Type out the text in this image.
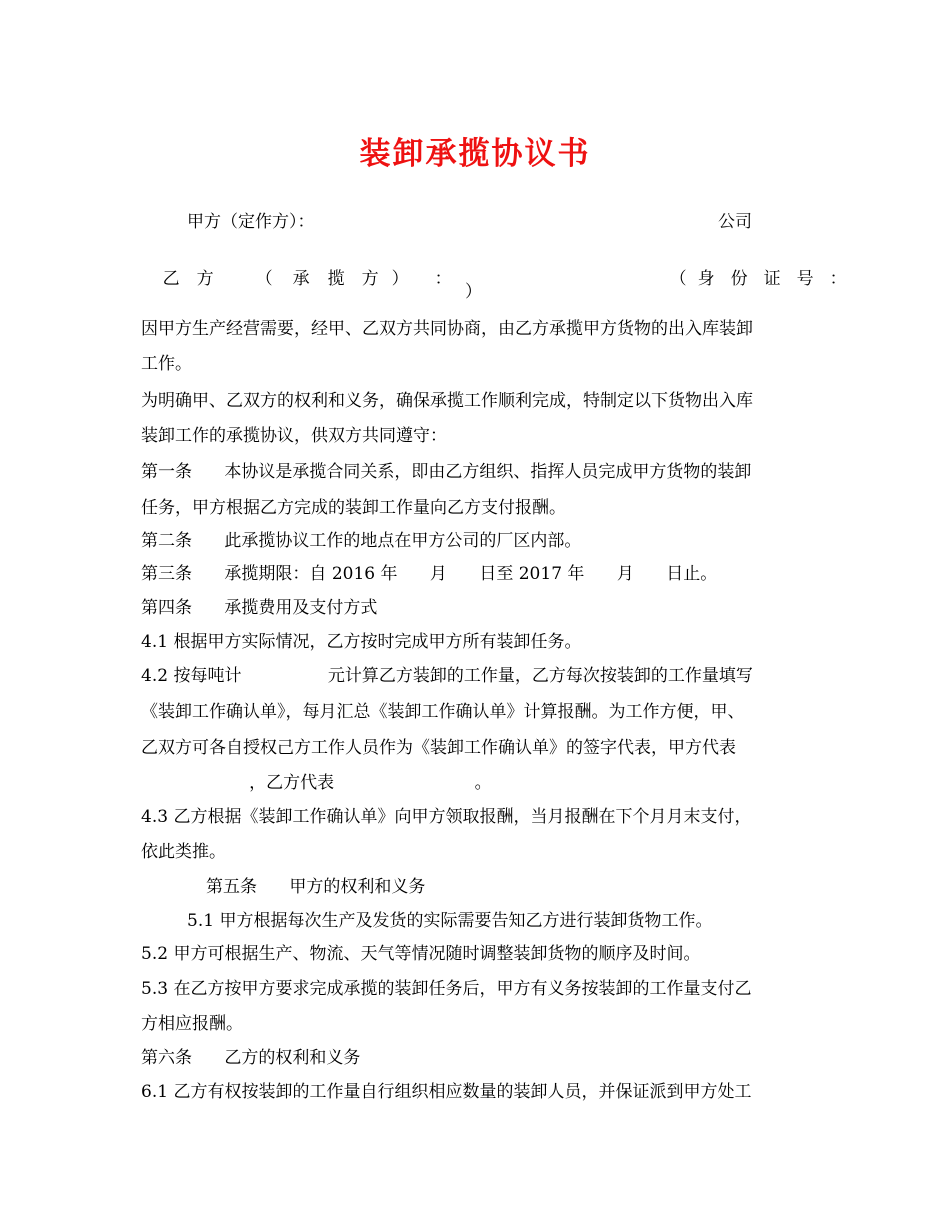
装卸承揽协议书
甲方（定作方）：	公司

乙 方 （ 承 揽 方 ） ：
	（ 身 份 证 号 ：

）
因甲方生产经营需要，经甲、乙双方共同协商，由乙方承揽甲方货物的出入库装卸
工作。
为明确甲、乙双方的权利和义务，确保承揽工作顺利完成，特制定以下货物出入库
装卸工作的承揽协议，供双方共同遵守：
第一条      本协议是承揽合同关系，即由乙方组织、指挥人员完成甲方货物的装卸
任务，甲方根据乙方完成的装卸工作量向乙方支付报酬。
第二条      此承揽协议工作的地点在甲方公司的厂区内部。
第三条      承揽期限：自 2016 年      月      日至 2017 年      月      日止。
第四条      承揽费用及支付方式
4.1 根据甲方实际情况，乙方按时完成甲方所有装卸任务。
4.2 按每吨计                元计算乙方装卸的工作量，乙方每次按装卸的工作量填写
《装卸工作确认单》，每月汇总《装卸工作确认单》计算报酬。为工作方便，甲、
乙双方可各自授权己方工作人员作为《装卸工作确认单》的签字代表，甲方代表
，乙方代表                          。
4.3 乙方根据《装卸工作确认单》向甲方领取报酬，当月报酬在下个月月末支付，
依此类推。
第五条      甲方的权利和义务
5.1 甲方根据每次生产及发货的实际需要告知乙方进行装卸货物工作。
5.2 甲方可根据生产、物流、天气等情况随时调整装卸货物的顺序及时间。
5.3 在乙方按甲方要求完成承揽的装卸任务后，甲方有义务按装卸的工作量支付乙
方相应报酬。
第六条      乙方的权利和义务
6.1 乙方有权按装卸的工作量自行组织相应数量的装卸人员，并保证派到甲方处工
